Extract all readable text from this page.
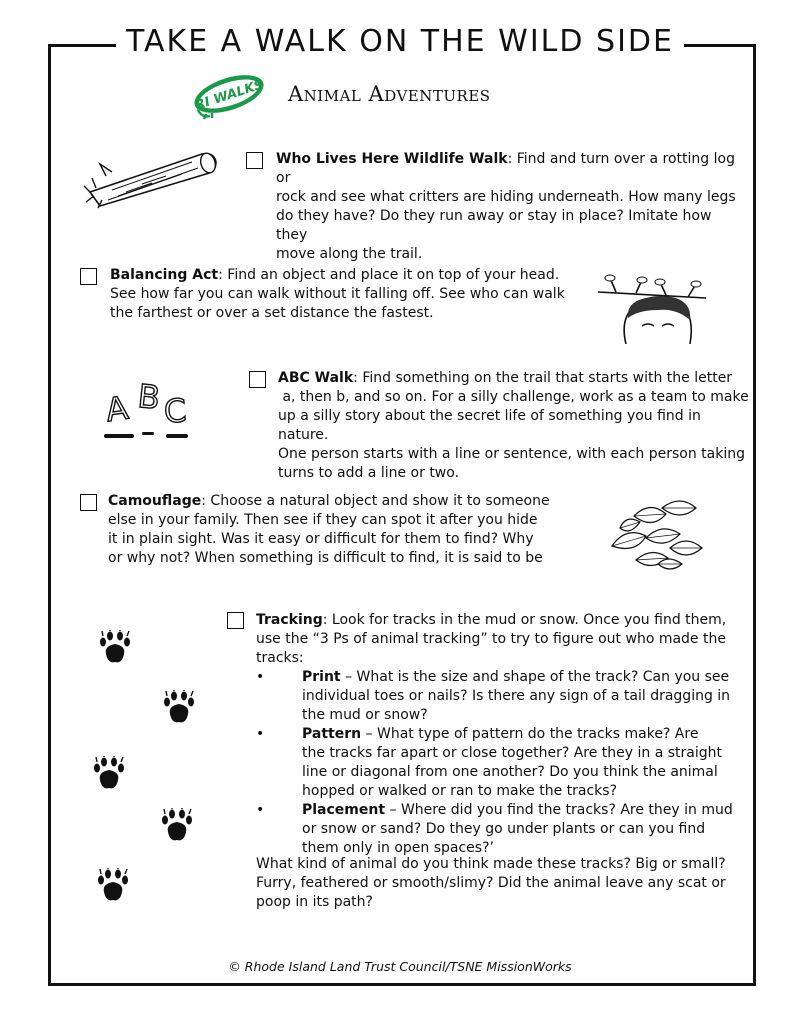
TAKE A WALK ON THE WILD SIDE
RI WALKS Animal Adventures
Who Lives Here Wildlife Walk: Find and turn over a rotting log or
rock and see what critters are hiding underneath. How many legs
do they have? Do they run away or stay in place? Imitate how they
move along the trail.
Balancing Act: Find an object and place it on top of your head.
See how far you can walk without it falling off. See who can walk
the farthest or over a set distance the fastest.
A B C
ABC Walk: Find something on the trail that starts with the letter
a, then b, and so on. For a silly challenge, work as a team to make
up a silly story about the secret life of something you find in nature.
One person starts with a line or sentence, with each person taking
turns to add a line or two.
Camouflage: Choose a natural object and show it to someone
else in your family. Then see if they can spot it after you hide
it in plain sight. Was it easy or difficult for them to find? Why
or why not? When something is difficult to find, it is said to be
Tracking: Look for tracks in the mud or snow. Once you find them,
use the “3 Ps of animal tracking” to try to figure out who made the
tracks:
•	Print – What is the size and shape of the track? Can you see
individual toes or nails? Is there any sign of a tail dragging in
the mud or snow?
•	Pattern – What type of pattern do the tracks make? Are
the tracks far apart or close together? Are they in a straight
line or diagonal from one another? Do you think the animal
hopped or walked or ran to make the tracks?
•	Placement – Where did you find the tracks? Are they in mud
or snow or sand? Do they go under plants or can you find
them only in open spaces?’
What kind of animal do you think made these tracks? Big or small?
Furry, feathered or smooth/slimy? Did the animal leave any scat or
poop in its path?
© Rhode Island Land Trust Council/TSNE MissionWorks
